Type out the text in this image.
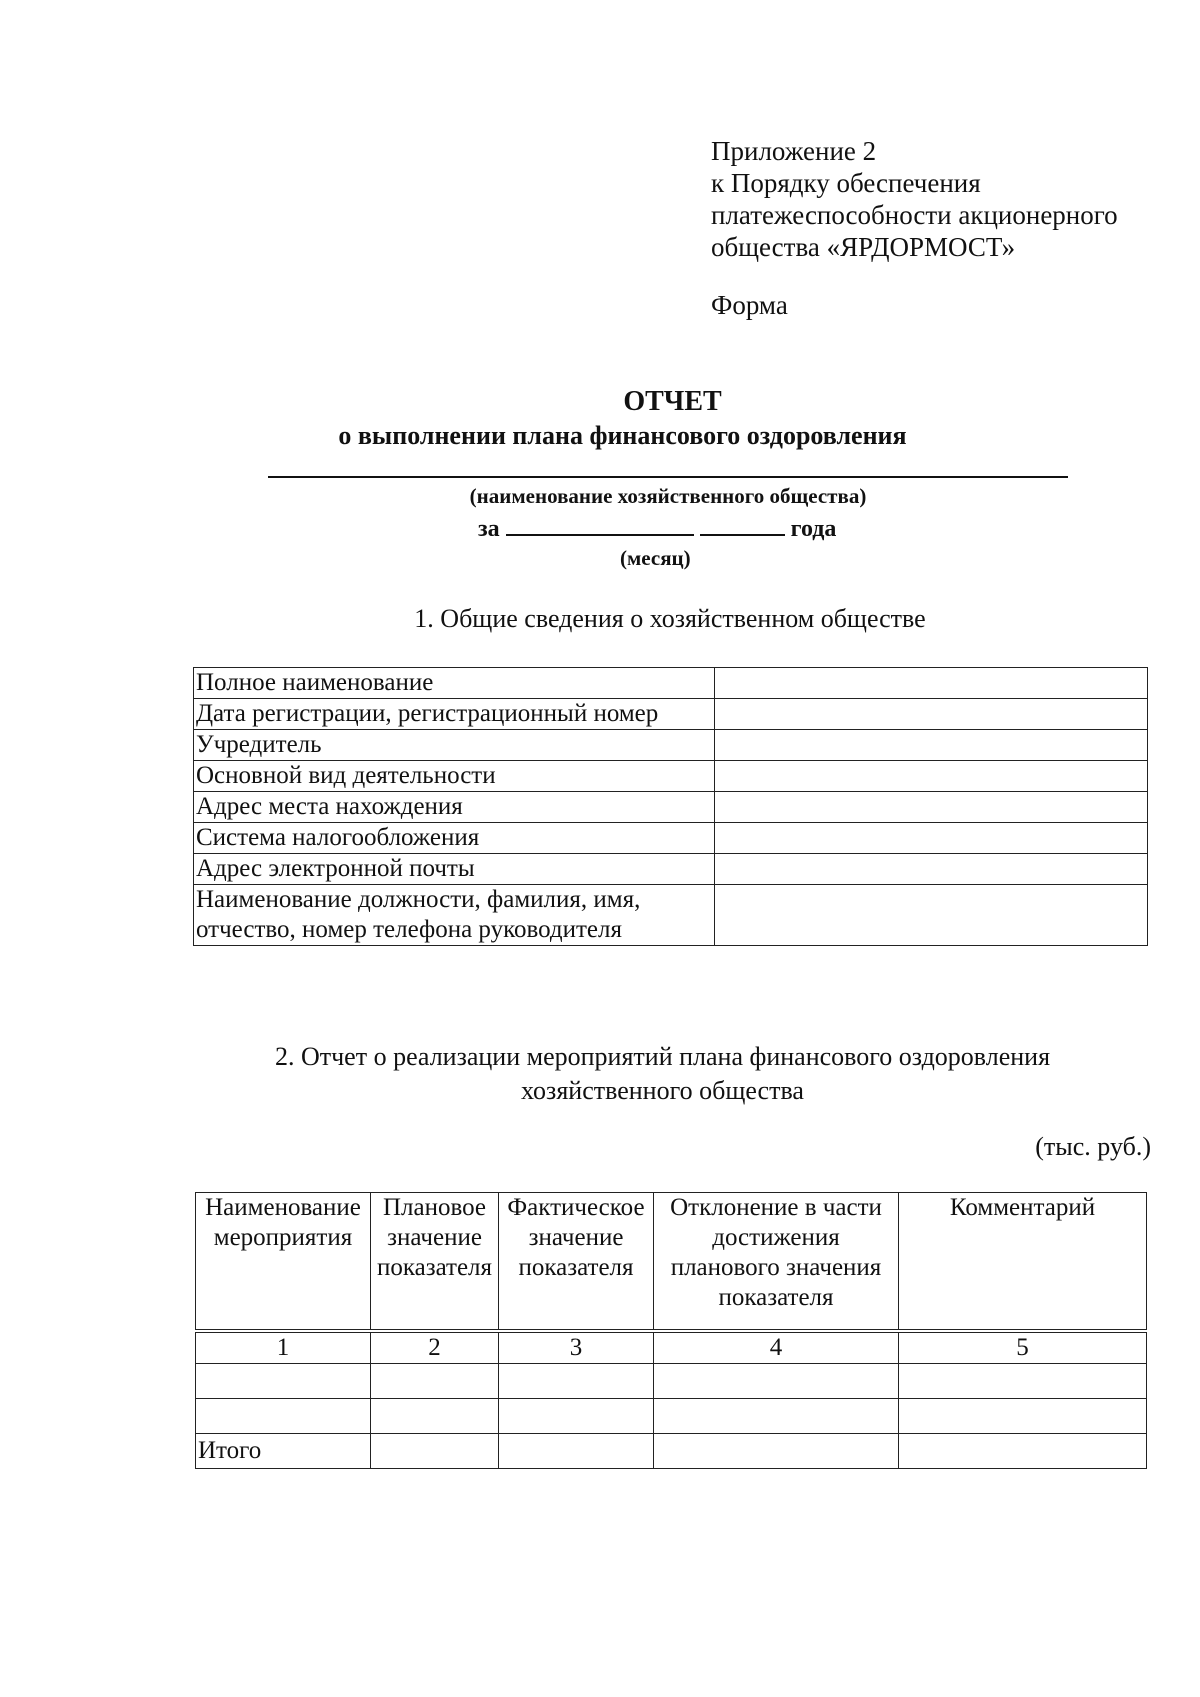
Приложение 2
к Порядку обеспечения
платежеспособности акционерного
общества «ЯРДОРМОСТ»
Форма
ОТЧЕТ
о выполнении плана финансового оздоровления
(наименование хозяйственного общества)
за	года
(месяц)
1. Общие сведения о хозяйственном обществе
Полное наименование	
Дата регистрации, регистрационный номер	
Учредитель	
Основной вид деятельности	
Адрес места нахождения	
Система налогообложения	
Адрес электронной почты	
Наименование должности, фамилия, имя, отчество, номер телефона руководителя	
2. Отчет о реализации мероприятий плана финансового оздоровления
хозяйственного общества
(тыс. руб.)
Наименование мероприятия	Плановое значение показателя	Фактическое значение показателя	Отклонение в части достижения планового значения показателя	Комментарий
1	2	3	4	5

Итого				
